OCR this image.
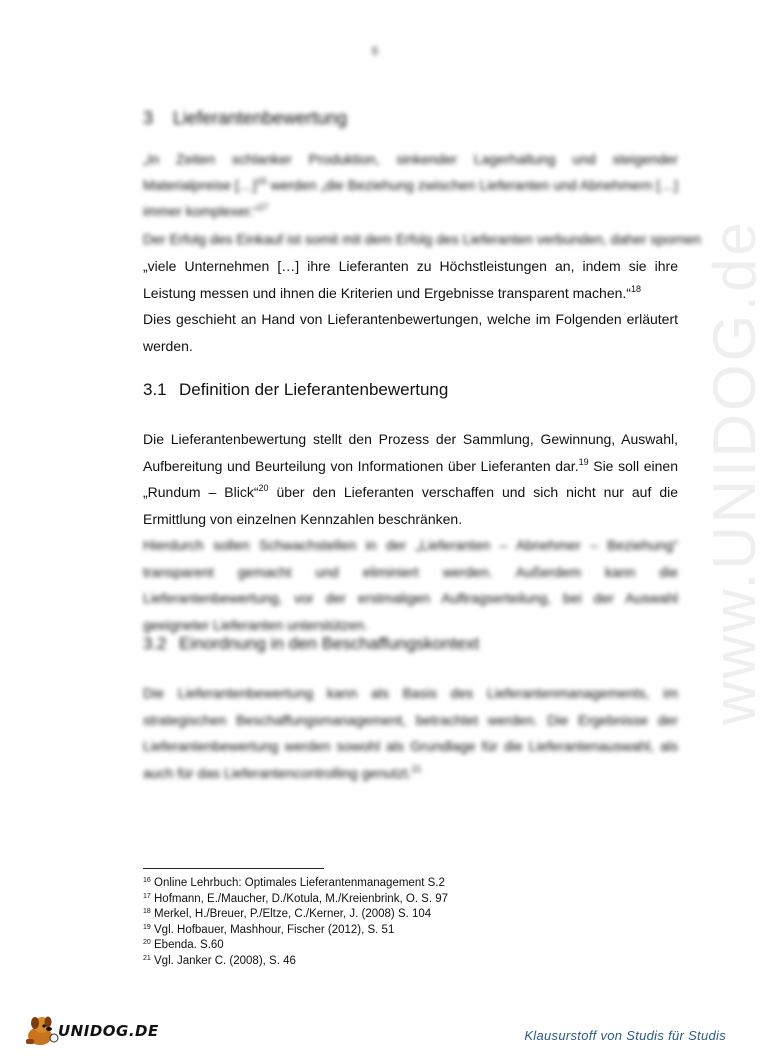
6
www.UNIDOG.de
3 Lieferantenbewertung
„In Zeiten schlanker Produktion, sinkender Lagerhaltung und steigender Materialpreise […]$^{16}$ werden „die Beziehung zwischen Lieferanten und Abnehmern […] immer komplexer.“$^{17}$
Der Erfolg des Einkauf ist somit mit dem Erfolg des Lieferanten verbunden, daher spornen
„viele Unternehmen […] ihre Lieferanten zu Höchstleistungen an, indem sie ihre Leistung messen und ihnen die Kriterien und Ergebnisse transparent machen.“$^{18}$
Dies geschieht an Hand von Lieferantenbewertungen, welche im Folgenden erläutert werden.
3.1 Definition der Lieferantenbewertung
Die Lieferantenbewertung stellt den Prozess der Sammlung, Gewinnung, Auswahl, Aufbereitung und Beurteilung von Informationen über Lieferanten dar.$^{19}$ Sie soll einen „Rundum – Blick“$^{20}$ über den Lieferanten verschaffen und sich nicht nur auf die Ermittlung von einzelnen Kennzahlen beschränken.
Hierdurch sollen Schwachstellen in der „Lieferanten – Abnehmer – Beziehung“ transparent gemacht und eliminiert werden. Außerdem kann die Lieferantenbewertung, vor der erstmaligen Auftragserteilung, bei der Auswahl geeigneter Lieferanten unterstützen.
3.2 Einordnung in den Beschaffungskontext
Die Lieferantenbewertung kann als Basis des Lieferantenmanagements, im strategischen Beschaffungsmanagement, betrachtet werden. Die Ergebnisse der Lieferantenbewertung werden sowohl als Grundlage für die Lieferantenauswahl, als auch für das Lieferantencontrolling genutzt.$^{21}$
$^{16}$ Online Lehrbuch: Optimales Lieferantenmanagement S.2
$^{17}$ Hofmann, E./Maucher, D./Kotula, M./Kreienbrink, O. S. 97
$^{18}$ Merkel, H./Breuer, P./Eltze, C./Kerner, J. (2008) S. 104
$^{19}$ Vgl. Hofbauer, Mashhour, Fischer (2012), S. 51
$^{20}$ Ebenda. S.60
$^{21}$ Vgl. Janker C. (2008), S. 46
UNIDOG.DE	Klausurstoff von Studis für Studis
